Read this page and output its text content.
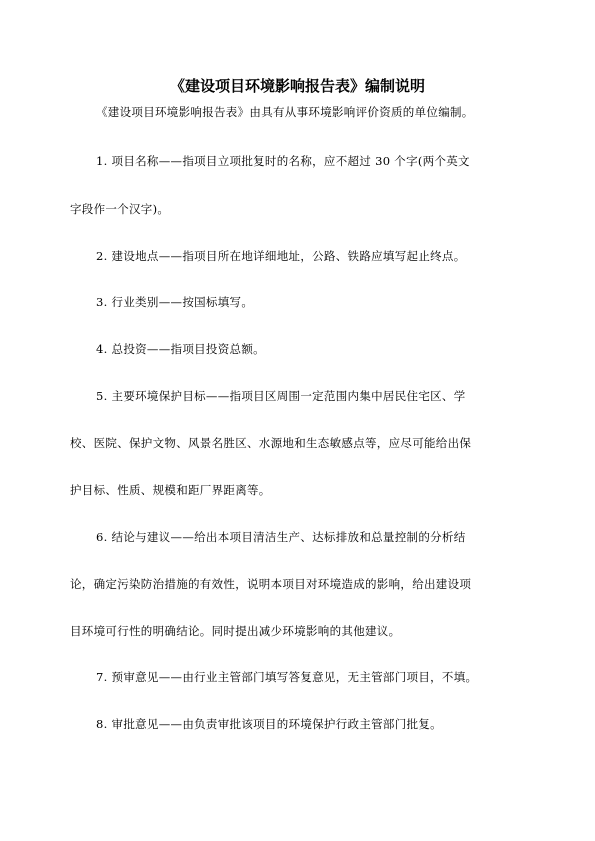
《建设项目环境影响报告表》编制说明
《建设项目环境影响报告表》由具有从事环境影响评价资质的单位编制。
1. 项目名称——指项目立项批复时的名称，应不超过 30 个字(两个英文
字段作一个汉字)。
2. 建设地点——指项目所在地详细地址，公路、铁路应填写起止终点。
3. 行业类别——按国标填写。
4. 总投资——指项目投资总额。
5. 主要环境保护目标——指项目区周围一定范围内集中居民住宅区、学
校、医院、保护文物、风景名胜区、水源地和生态敏感点等，应尽可能给出保
护目标、性质、规模和距厂界距离等。
6. 结论与建议——给出本项目清洁生产、达标排放和总量控制的分析结
论，确定污染防治措施的有效性，说明本项目对环境造成的影响，给出建设项
目环境可行性的明确结论。同时提出减少环境影响的其他建议。
7. 预审意见——由行业主管部门填写答复意见，无主管部门项目，不填。
8. 审批意见——由负责审批该项目的环境保护行政主管部门批复。
